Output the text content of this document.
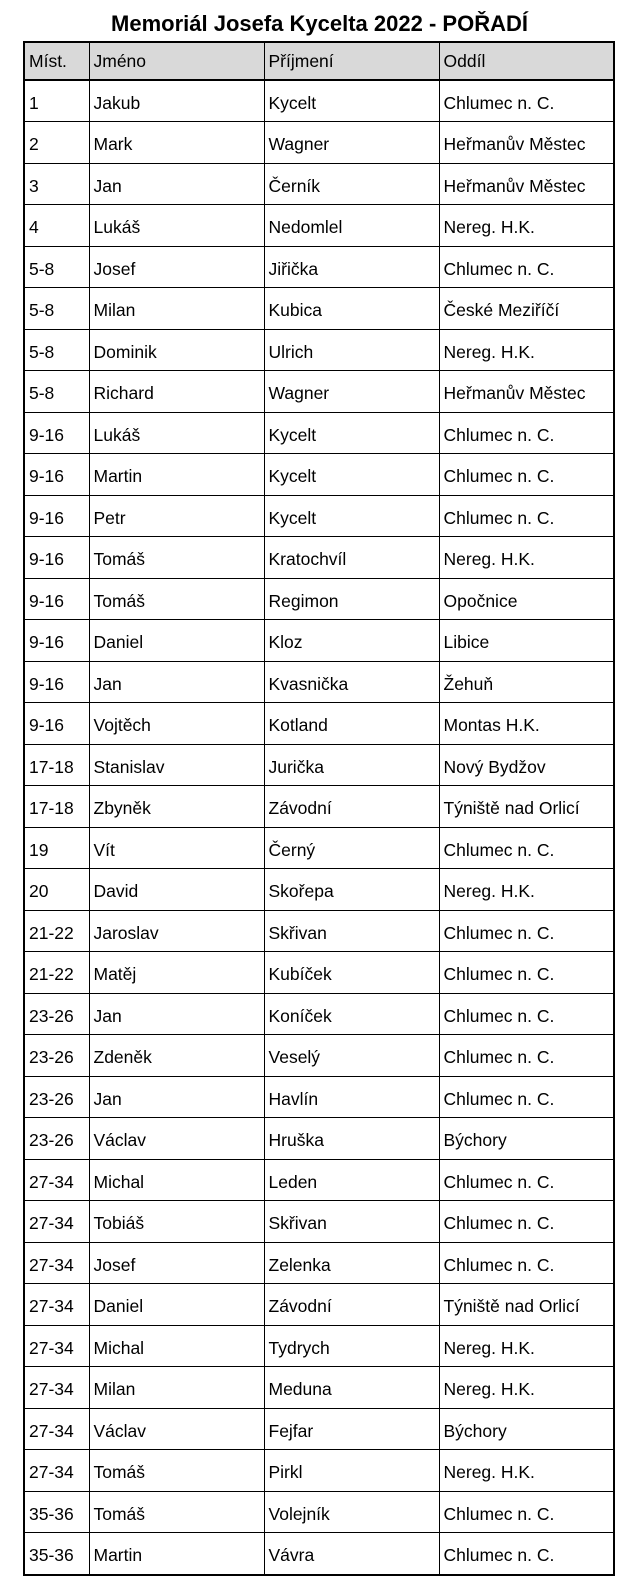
Memoriál Josefa Kycelta 2022 - POŘADÍ
Míst.	Jméno	Příjmení	Oddíl
1	Jakub	Kycelt	Chlumec n. C.
2	Mark	Wagner	Heřmanův Městec
3	Jan	Černík	Heřmanův Městec
4	Lukáš	Nedomlel	Nereg. H.K.
5-8	Josef	Jiřička	Chlumec n. C.
5-8	Milan	Kubica	České Meziříčí
5-8	Dominik	Ulrich	Nereg. H.K.
5-8	Richard	Wagner	Heřmanův Městec
9-16	Lukáš	Kycelt	Chlumec n. C.
9-16	Martin	Kycelt	Chlumec n. C.
9-16	Petr	Kycelt	Chlumec n. C.
9-16	Tomáš	Kratochvíl	Nereg. H.K.
9-16	Tomáš	Regimon	Opočnice
9-16	Daniel	Kloz	Libice
9-16	Jan	Kvasnička	Žehuň
9-16	Vojtěch	Kotland	Montas H.K.
17-18	Stanislav	Jurička	Nový Bydžov
17-18	Zbyněk	Závodní	Týniště nad Orlicí
19	Vít	Černý	Chlumec n. C.
20	David	Skořepa	Nereg. H.K.
21-22	Jaroslav	Skřivan	Chlumec n. C.
21-22	Matěj	Kubíček	Chlumec n. C.
23-26	Jan	Koníček	Chlumec n. C.
23-26	Zdeněk	Veselý	Chlumec n. C.
23-26	Jan	Havlín	Chlumec n. C.
23-26	Václav	Hruška	Býchory
27-34	Michal	Leden	Chlumec n. C.
27-34	Tobiáš	Skřivan	Chlumec n. C.
27-34	Josef	Zelenka	Chlumec n. C.
27-34	Daniel	Závodní	Týniště nad Orlicí
27-34	Michal	Tydrych	Nereg. H.K.
27-34	Milan	Meduna	Nereg. H.K.
27-34	Václav	Fejfar	Býchory
27-34	Tomáš	Pirkl	Nereg. H.K.
35-36	Tomáš	Volejník	Chlumec n. C.
35-36	Martin	Vávra	Chlumec n. C.
